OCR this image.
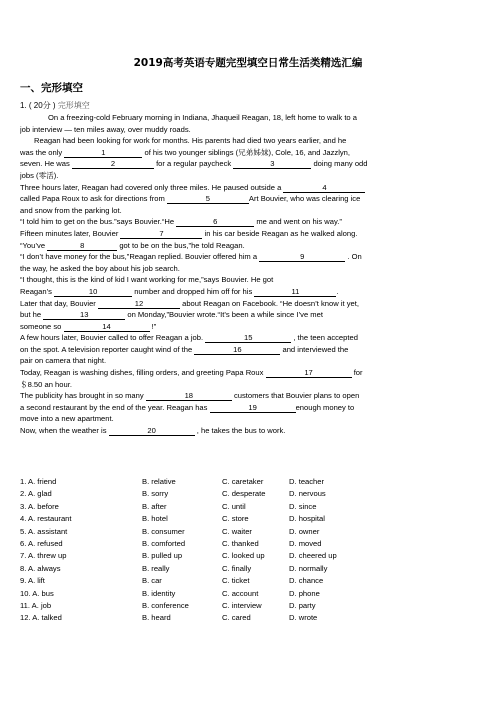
2019高考英语专题完型填空日常生活类精选汇编
一、完形填空
1. ( 20分 ) 完形填空
On a freezing-cold February morning in Indiana, Jhaqueil Reagan, 18, left home to walk to a
job interview — ten miles away, over muddy roads.
Reagan had been looking for work for months. His parents had died two years earlier, and he
was the only	1	of his two younger siblings (兄弟姊妹), Cole, 16, and Jazzlyn,
seven. He was	2	for a regular paycheck	3	doing many odd
jobs (零活).
Three hours later, Reagan had covered only three miles. He paused outside a	4
called Papa Roux to ask for directions from	5	Art Bouvier, who was clearing ice
and snow from the parking lot.
“I told him to get on the bus.”says Bouvier.“He	6	me and went on his way.”
Fifteen minutes later, Bouvier	7	in his car beside Reagan as he walked along.
“You’ve	8	got to be on the bus,”he told Reagan.
“I don’t have money for the bus,”Reagan replied. Bouvier offered him a	9	. On
the way, he asked the boy about his job search.
“I thought, this is the kind of kid I want working for me,”says Bouvier. He got
Reagan’s	10	number and dropped him off for his	11	.
Later that day, Bouvier	12	about Reagan on Facebook. “He doesn’t know it yet,
but he	13	on Monday,”Bouvier wrote.“It’s been a while since I’ve met
someone so	14	!”
A few hours later, Bouvier called to offer Reagan a job.	15	, the teen accepted
on the spot. A television reporter caught wind of the	16	and interviewed the
pair on camera that night.
Today, Reagan is washing dishes, filling orders, and greeting Papa Roux	17	for
＄8.50 an hour.
The publicity has brought in so many	18	customers that Bouvier plans to open
a second restaurant by the end of the year. Reagan has	19	enough money to
move into a new apartment.
Now, when the weather is	20	, he takes the bus to work.
1. A. friend	B. relative	C. caretaker	D. teacher
2. A. glad	B. sorry	C. desperate	D. nervous
3. A. before	B. after	C. until	D. since
4. A. restaurant	B. hotel	C. store	D. hospital
5. A. assistant	B. consumer	C. waiter	D. owner
6. A. refused	B. comforted	C. thanked	D. moved
7. A. threw up	B. pulled up	C. looked up	D. cheered up
8. A. always	B. really	C. finally	D. normally
9. A. lift	B. car	C. ticket	D. chance
10. A. bus	B. identity	C. account	D. phone
11. A. job	B. conference	C. interview	D. party
12. A. talked	B. heard	C. cared	D. wrote
